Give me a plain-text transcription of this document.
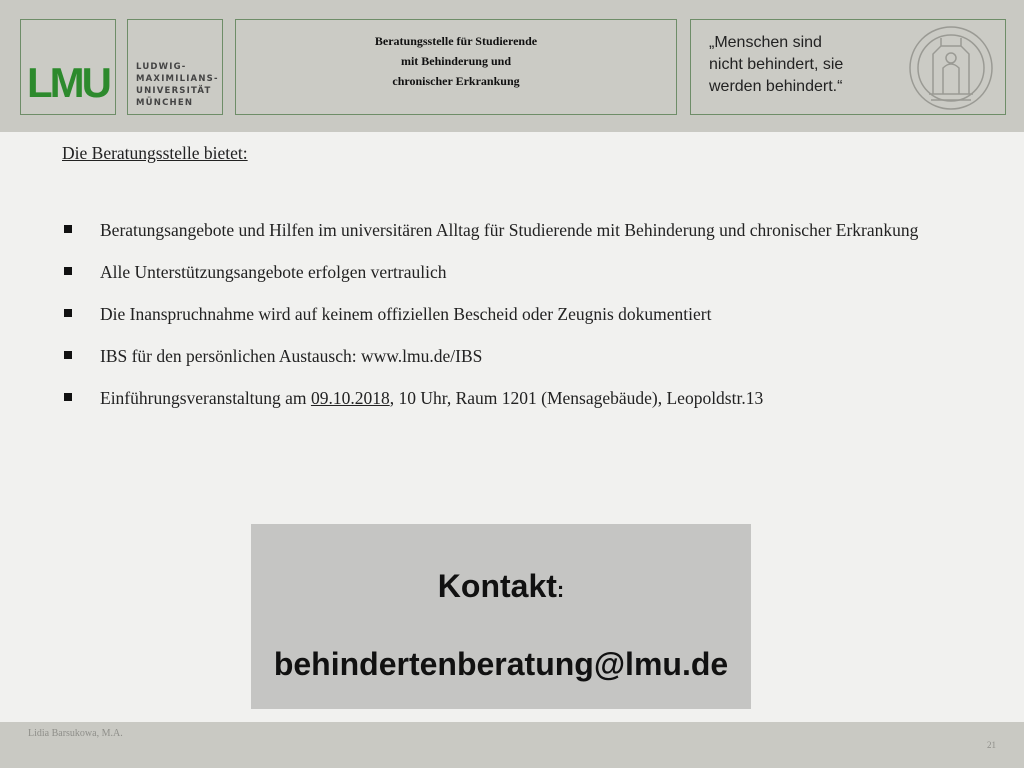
LMU	LUDWIG-
MAXIMILIANS-
UNIVERSITÄT
MÜNCHEN
Beratungsstelle für Studierende
mit Behinderung und
chronischer Erkrankung
„Menschen sind
nicht behindert, sie
werden behindert.“

Die Beratungsstelle bietet:

Beratungsangebote und Hilfen im universitären Alltag für Studierende mit Behinderung und chronischer Erkrankung
Alle Unterstützungsangebote erfolgen vertraulich
Die Inanspruchnahme wird auf keinem offiziellen Bescheid oder Zeugnis dokumentiert
IBS für den persönlichen Austausch: www.lmu.de/IBS
Einführungsveranstaltung am 09.10.2018, 10 Uhr, Raum 1201 (Mensagebäude), Leopoldstr.13
Kontakt:
behindertenberatung@lmu.de
Lidia Barsukowa, M.A.
21
